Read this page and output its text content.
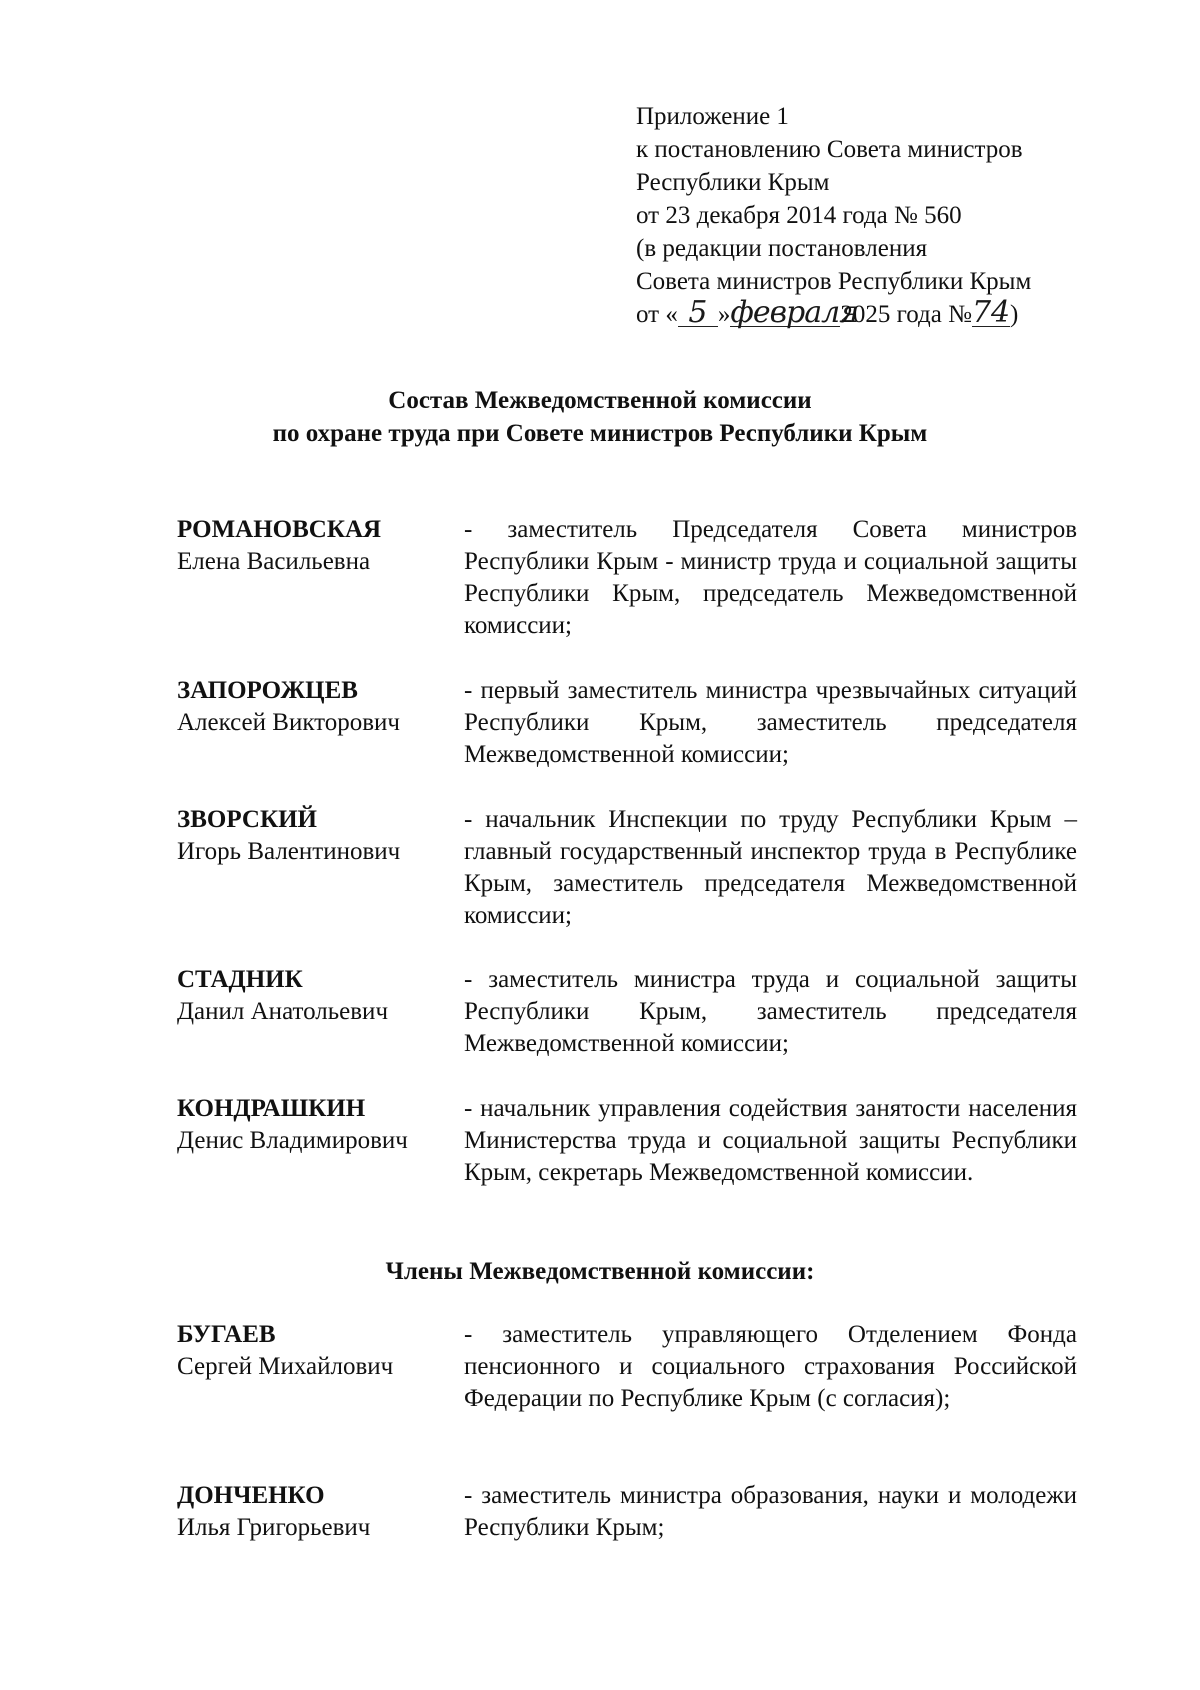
Приложение 1
к постановлению Совета министров
Республики Крым
от 23 декабря 2014 года № 560
(в редакции постановления
Совета министров Республики Крым
от « 5 »февраля2025 года №74)
Состав Межведомственной комиссии
по охране труда при Совете министров Республики Крым
РОМАНОВСКАЯ
Елена Васильевна
- заместитель Председателя Совета министров Республики Крым - министр труда и социальной защиты Республики Крым, председатель Межведомственной комиссии;
ЗАПОРОЖЦЕВ
Алексей Викторович
- первый заместитель министра чрезвычайных ситуаций Республики Крым, заместитель председателя Межведомственной комиссии;
ЗВОРСКИЙ
Игорь Валентинович
- начальник Инспекции по труду Республики Крым – главный государственный инспектор труда в Республике Крым, заместитель председателя Межведомственной комиссии;
СТАДНИК
Данил Анатольевич
- заместитель министра труда и социальной защиты Республики Крым, заместитель председателя Межведомственной комиссии;
КОНДРАШКИН
Денис Владимирович
- начальник управления содействия занятости населения Министерства труда и социальной защиты Республики Крым, секретарь Межведомственной комиссии.
Члены Межведомственной комиссии:
БУГАЕВ
Сергей Михайлович
- заместитель управляющего Отделением Фонда пенсионного и социального страхования Российской Федерации по Республике Крым (с согласия);
ДОНЧЕНКО
Илья Григорьевич
- заместитель министра образования, науки и молодежи Республики Крым;
